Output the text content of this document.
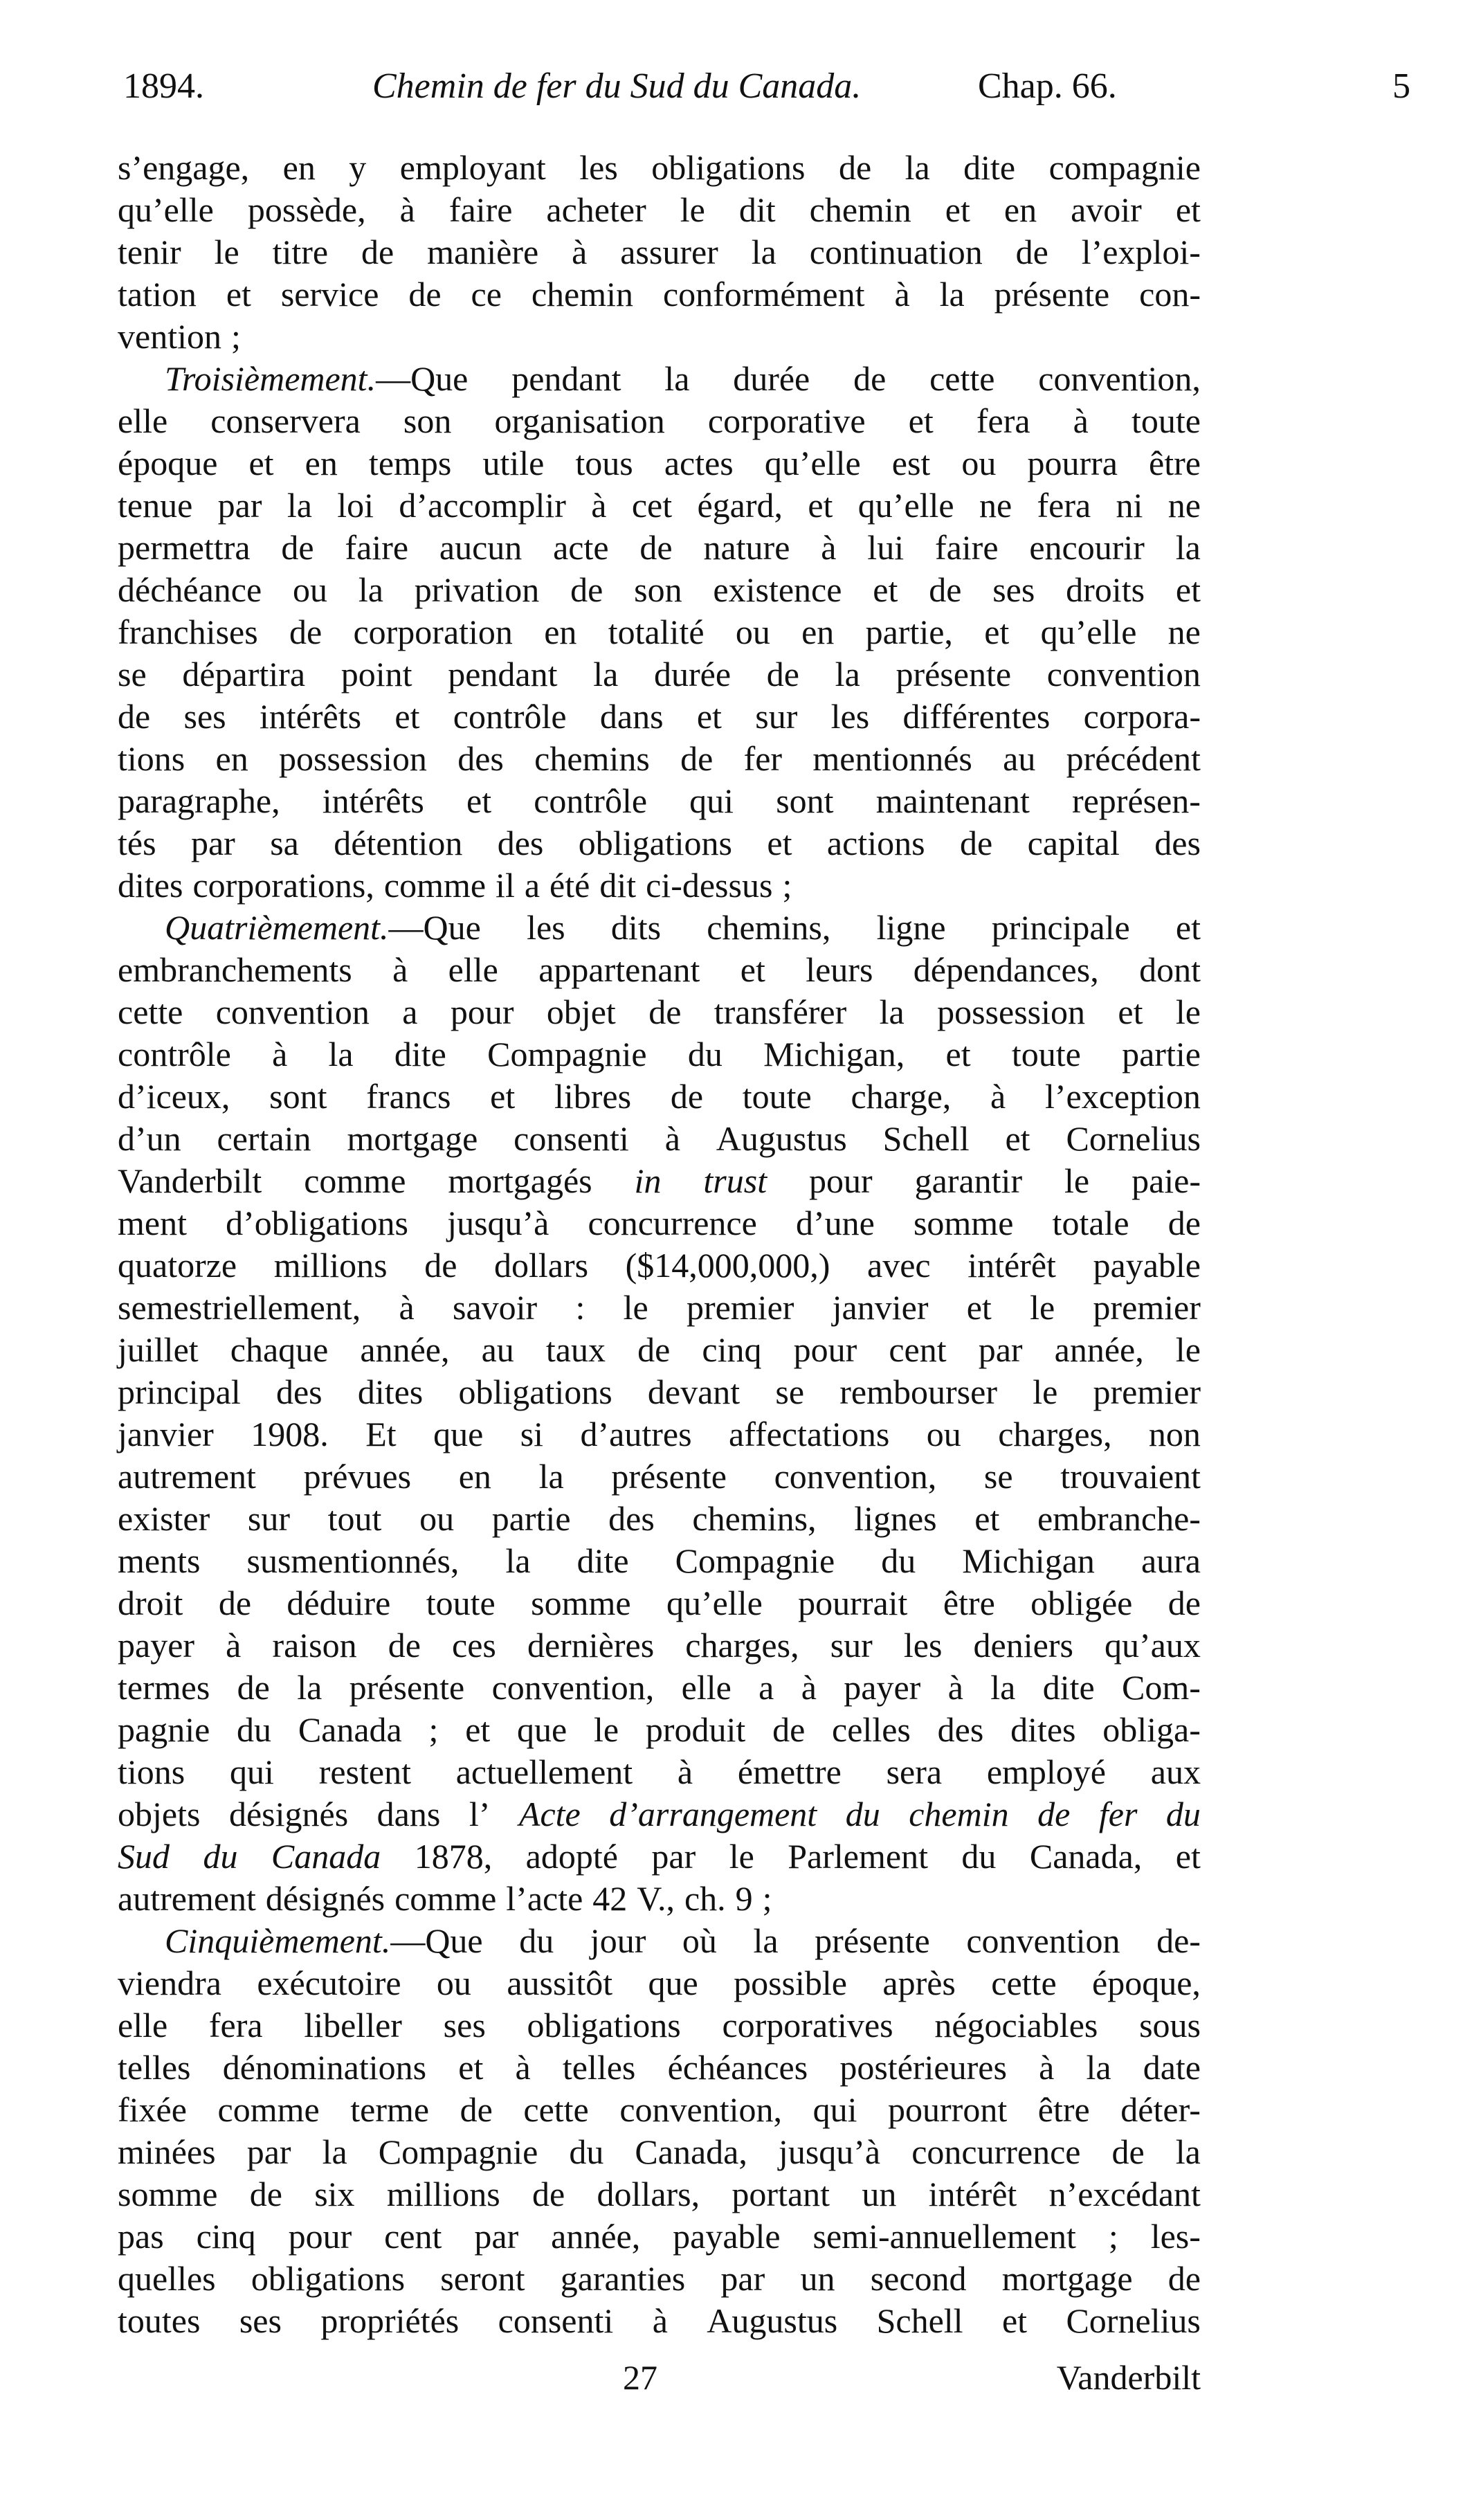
1894.	Chemin de fer du Sud du Canada.	Chap. 66.	5
s’engage, en y employant les obligations de la dite compagnie
qu’elle possède, à faire acheter le dit chemin et en avoir et
tenir le titre de manière à assurer la continuation de l’exploi-
tation et service de ce chemin conformément à la présente con-
vention ;
Troisièmement.—Que pendant la durée de cette convention,
elle conservera son organisation corporative et fera à toute
époque et en temps utile tous actes qu’elle est ou pourra être
tenue par la loi d’accomplir à cet égard, et qu’elle ne fera ni ne
permettra de faire aucun acte de nature à lui faire encourir la
déchéance ou la privation de son existence et de ses droits et
franchises de corporation en totalité ou en partie, et qu’elle ne
se départira point pendant la durée de la présente convention
de ses intérêts et contrôle dans et sur les différentes corpora-
tions en possession des chemins de fer mentionnés au précédent
paragraphe, intérêts et contrôle qui sont maintenant représen-
tés par sa détention des obligations et actions de capital des
dites corporations, comme il a été dit ci-dessus ;
Quatrièmement.—Que les dits chemins, ligne principale et
embranchements à elle appartenant et leurs dépendances, dont
cette convention a pour objet de transférer la possession et le
contrôle à la dite Compagnie du Michigan, et toute partie
d’iceux, sont francs et libres de toute charge, à l’exception
d’un certain mortgage consenti à Augustus Schell et Cornelius
Vanderbilt comme mortgagés in trust pour garantir le paie-
ment d’obligations jusqu’à concurrence d’une somme totale de
quatorze millions de dollars ($14,000,000,) avec intérêt payable
semestriellement, à savoir : le premier janvier et le premier
juillet chaque année, au taux de cinq pour cent par année, le
principal des dites obligations devant se rembourser le premier
janvier 1908. Et que si d’autres affectations ou charges, non
autrement prévues en la présente convention, se trouvaient
exister sur tout ou partie des chemins, lignes et embranche-
ments susmentionnés, la dite Compagnie du Michigan aura
droit de déduire toute somme qu’elle pourrait être obligée de
payer à raison de ces dernières charges, sur les deniers qu’aux
termes de la présente convention, elle a à payer à la dite Com-
pagnie du Canada ; et que le produit de celles des dites obliga-
tions qui restent actuellement à émettre sera employé aux
objets désignés dans l’ Acte d’arrangement du chemin de fer du
Sud du Canada 1878, adopté par le Parlement du Canada, et
autrement désignés comme l’acte 42 V., ch. 9 ;
Cinquièmement.—Que du jour où la présente convention de-
viendra exécutoire ou aussitôt que possible après cette époque,
elle fera libeller ses obligations corporatives négociables sous
telles dénominations et à telles échéances postérieures à la date
fixée comme terme de cette convention, qui pourront être déter-
minées par la Compagnie du Canada, jusqu’à concurrence de la
somme de six millions de dollars, portant un intérêt n’excédant
pas cinq pour cent par année, payable semi-annuellement ; les-
quelles obligations seront garanties par un second mortgage de
toutes ses propriétés consenti à Augustus Schell et Cornelius
27	Vanderbilt
